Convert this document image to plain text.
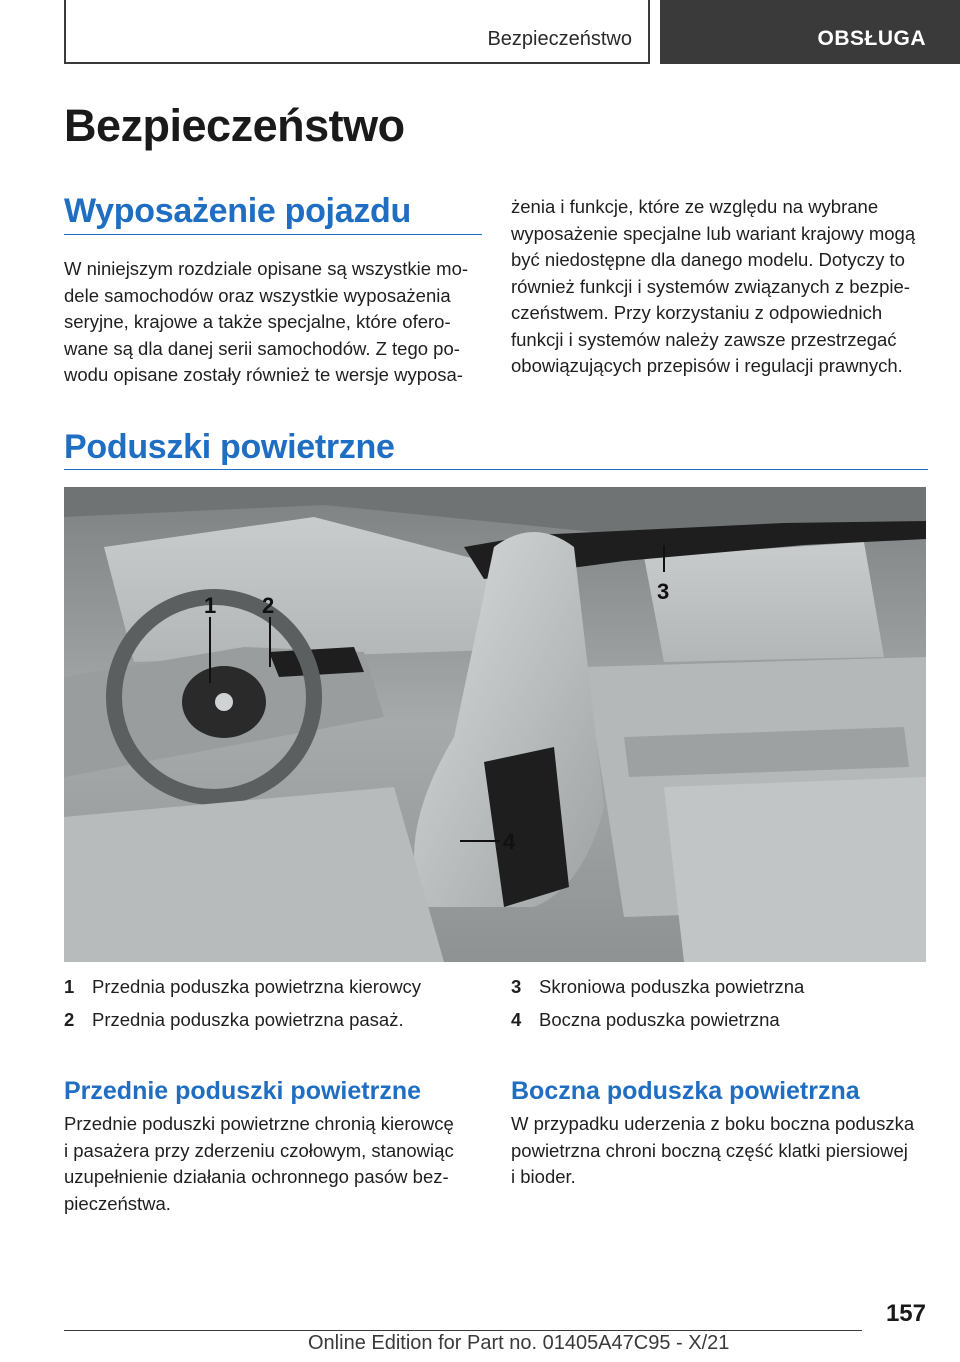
Bezpieczeństwo	OBSŁUGA
Bezpieczeństwo
Wyposażenie pojazdu
W niniejszym rozdziale opisane są wszystkie mo-
dele samochodów oraz wszystkie wyposażenia
seryjne, krajowe a także specjalne, które ofero-
wane są dla danej serii samochodów. Z tego po-
wodu opisane zostały również te wersje wyposa-
żenia i funkcje, które ze względu na wybrane
wyposażenie specjalne lub wariant krajowy mogą
być niedostępne dla danego modelu. Dotyczy to
również funkcji i systemów związanych z bezpie-
czeństwem. Przy korzystaniu z odpowiednich
funkcji i systemów należy zawsze przestrzegać
obowiązujących przepisów i regulacji prawnych.
Poduszki powietrzne
1 2
3
4
1 Przednia poduszka powietrzna kierowcy
2 Przednia poduszka powietrzna pasaż.
3 Skroniowa poduszka powietrzna
4 Boczna poduszka powietrzna
Przednie poduszki powietrzne
Przednie poduszki powietrzne chronią kierowcę
i pasażera przy zderzeniu czołowym, stanowiąc
uzupełnienie działania ochronnego pasów bez-
pieczeństwa.
Boczna poduszka powietrzna
W przypadku uderzenia z boku boczna poduszka
powietrzna chroni boczną część klatki piersiowej
i bioder.
157
Online Edition for Part no. 01405A47C95 - X/21
